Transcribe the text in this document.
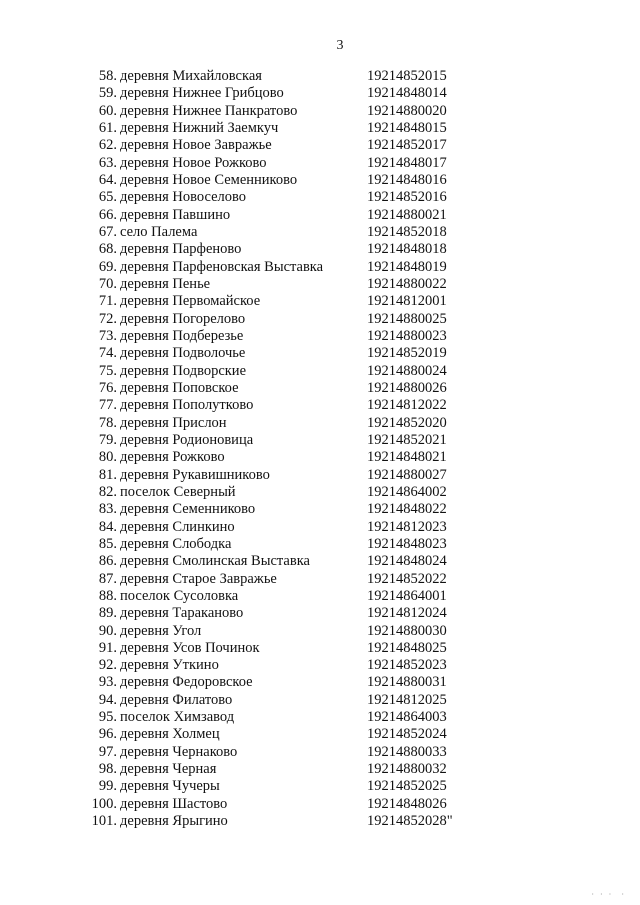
3
58. деревня Михайловская	19214852015
59. деревня Нижнее Грибцово	19214848014
60. деревня Нижнее Панкратово	19214880020
61. деревня Нижний Заемкуч	19214848015
62. деревня Новое Завражье	19214852017
63. деревня Новое Рожково	19214848017
64. деревня Новое Семенниково	19214848016
65. деревня Новоселово	19214852016
66. деревня Павшино	19214880021
67. село Палема	19214852018
68. деревня Парфеново	19214848018
69. деревня Парфеновская Выставка	19214848019
70. деревня Пенье	19214880022
71. деревня Первомайское	19214812001
72. деревня Погорелово	19214880025
73. деревня Подберезье	19214880023
74. деревня Подволочье	19214852019
75. деревня Подворские	19214880024
76. деревня Поповское	19214880026
77. деревня Пополутково	19214812022
78. деревня Прислон	19214852020
79. деревня Родионовица	19214852021
80. деревня Рожково	19214848021
81. деревня Рукавишниково	19214880027
82. поселок Северный	19214864002
83. деревня Семенниково	19214848022
84. деревня Слинкино	19214812023
85. деревня Слободка	19214848023
86. деревня Смолинская Выставка	19214848024
87. деревня Старое Завражье	19214852022
88. поселок Сусоловка	19214864001
89. деревня Тараканово	19214812024
90. деревня Угол	19214880030
91. деревня Усов Починок	19214848025
92. деревня Уткино	19214852023
93. деревня Федоровское	19214880031
94. деревня Филатово	19214812025
95. поселок Химзавод	19214864003
96. деревня Холмец	19214852024
97. деревня Чернаково	19214880033
98. деревня Черная	19214880032
99. деревня Чучеры	19214852025
100. деревня Шастово	19214848026
101. деревня Ярыгино	19214852028"
· · ·  ·
